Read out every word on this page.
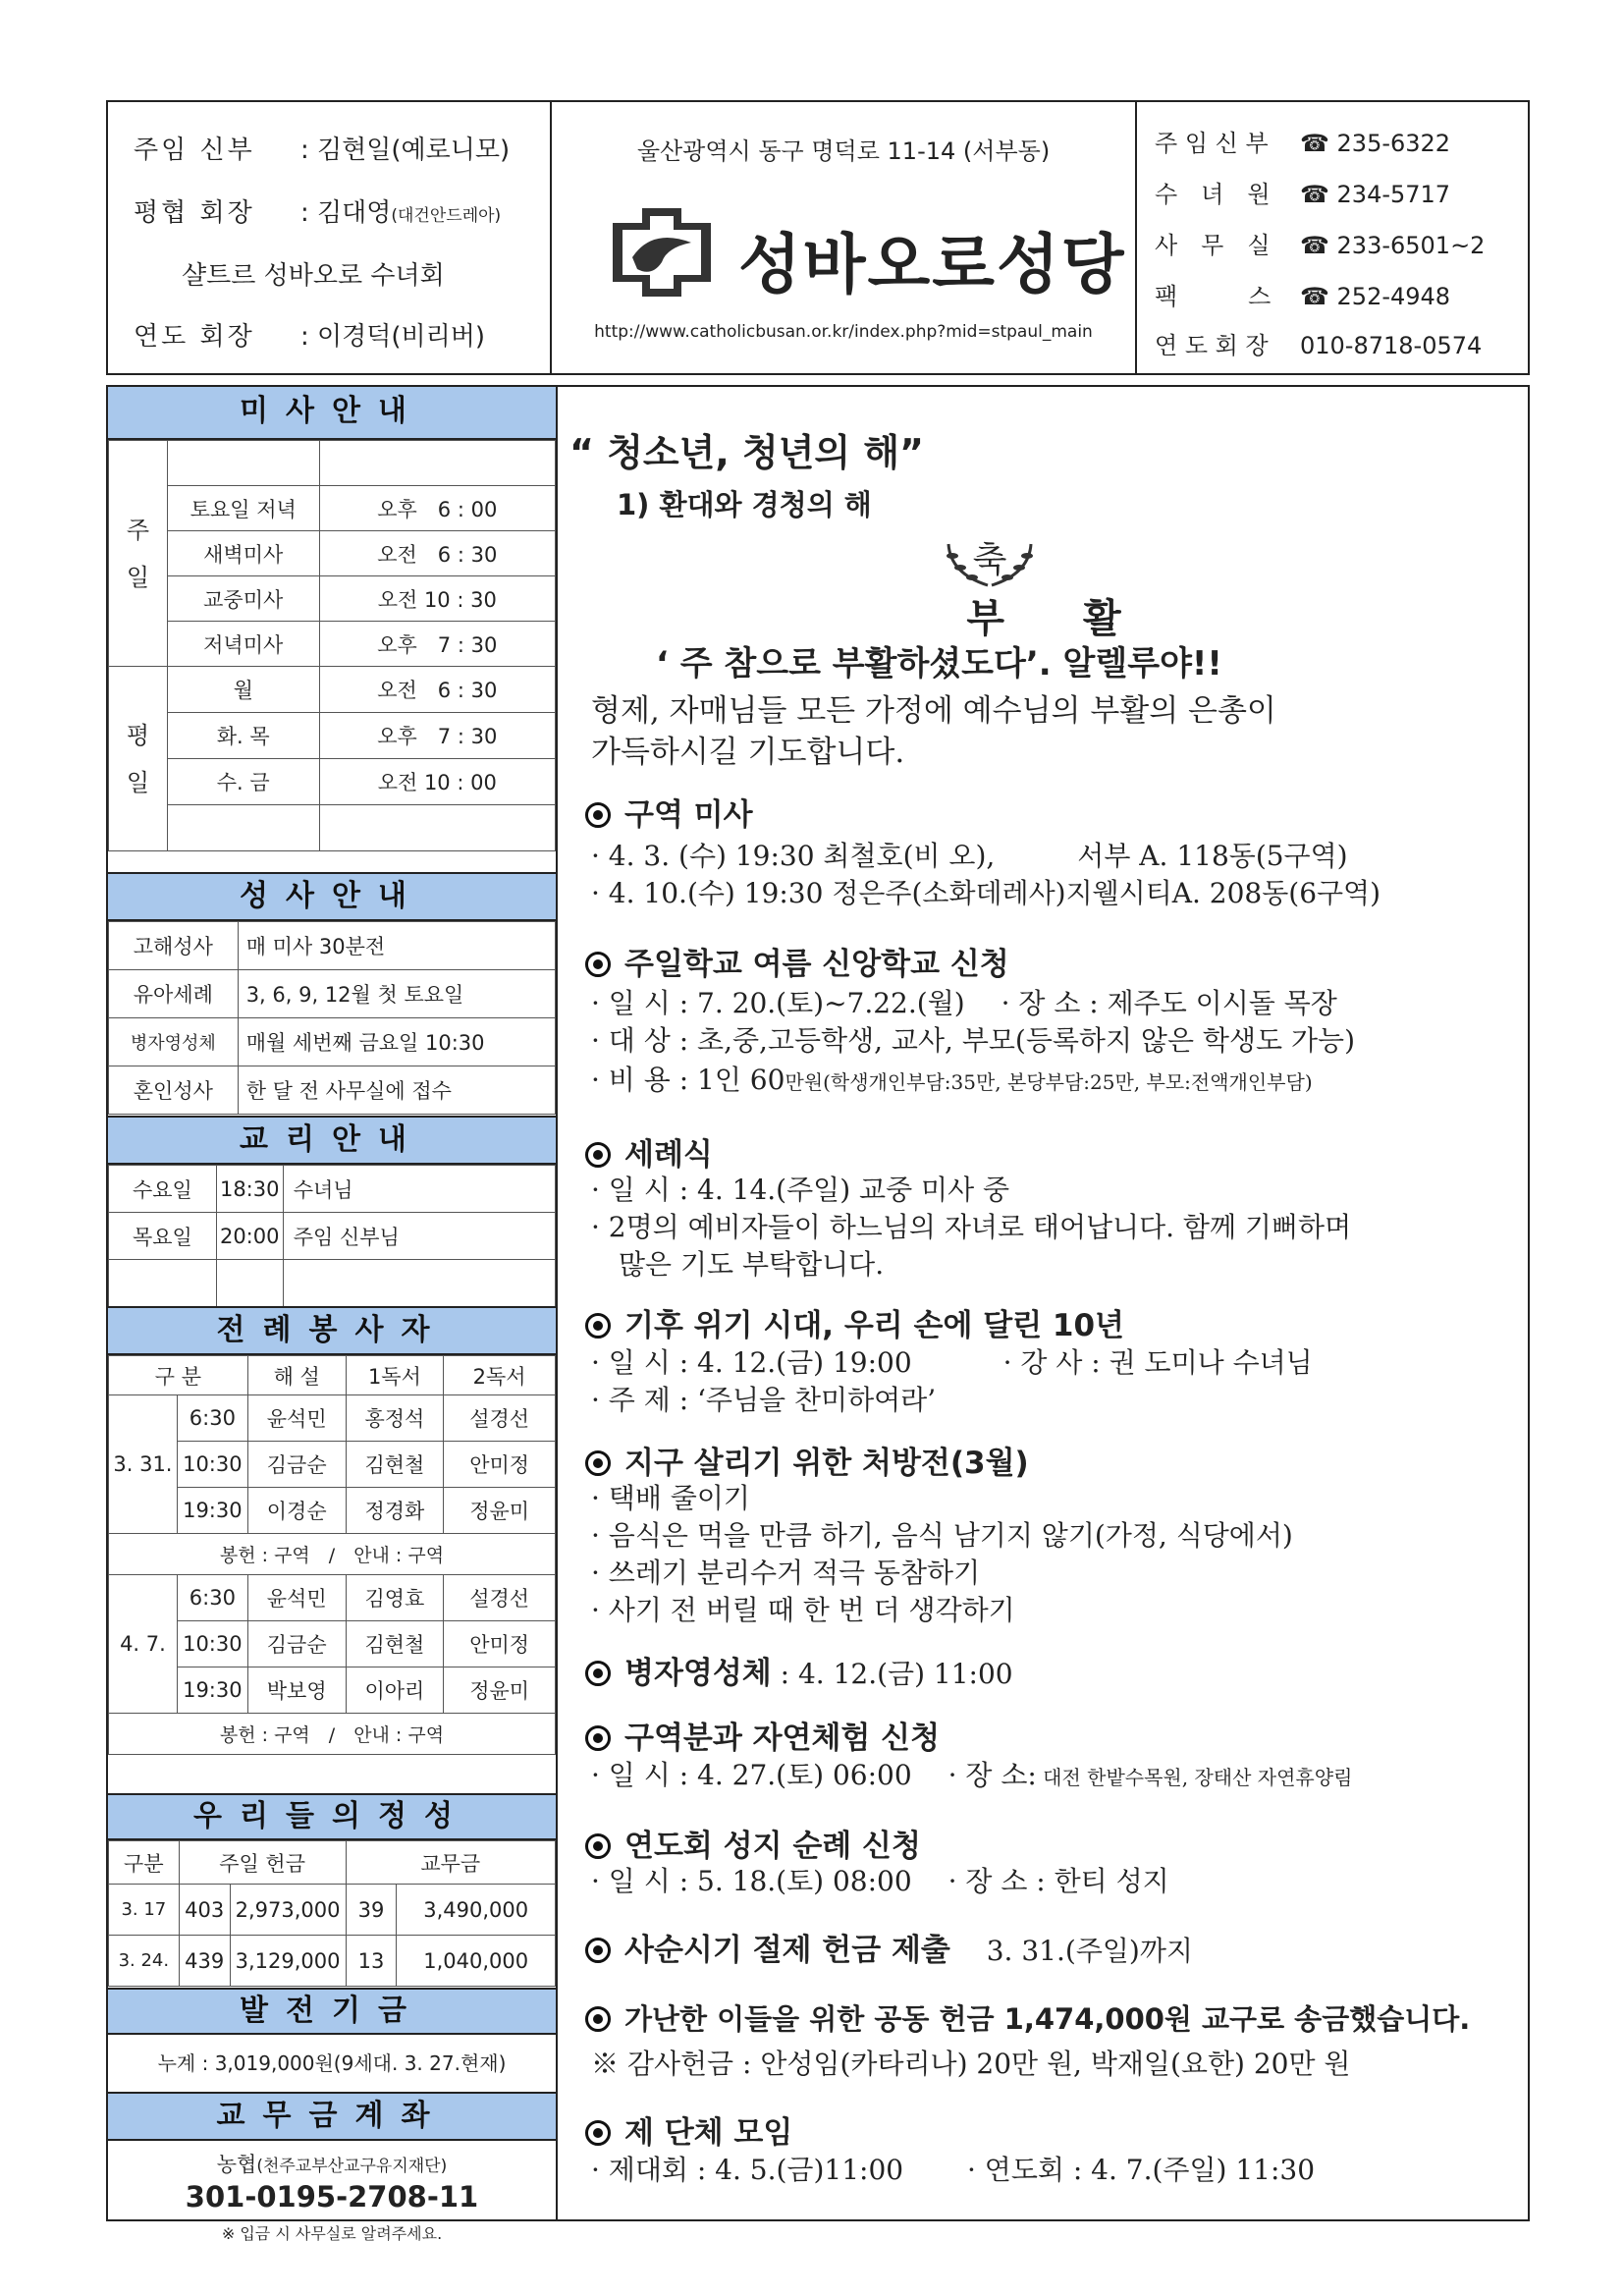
주임 신부 : 김현일(예로니모)
평협 회장 : 김대영(대건안드레아)
샬트르 성바오로 수녀회
연도 회장 : 이경덕(비리버)
울산광역시 동구 명덕로 11-14 (서부동)
성바오로성당
http://www.catholicbusan.or.kr/index.php?mid=stpaul_main
주 임 신 부 ☎ 235-6322
수　녀　원 ☎ 234-5717
사　무　실 ☎ 233-6501~2
팩　　　스 ☎ 252-4948
연 도 회 장 010-8718-0574
미사안내
주
일		
	토요일 저녁	오후　6 : 00
	새벽미사	오전　6 : 30
	교중미사	오전 10 : 30
	저녁미사	오후　7 : 30
평
일	월	오전　6 : 30
	화. 목	오후　7 : 30
	수. 금	오전 10 : 00

성사안내
고해성사	매 미사 30분전
유아세례	3, 6, 9, 12월 첫 토요일
병자영성체	매월 세번째 금요일 10:30
혼인성사	한 달 전 사무실에 접수
교리안내
수요일	18:30	수녀님
목요일	20:00	주임 신부님

전례봉사자
구 분		해 설	1독서	2독서
3. 31.	6:30	윤석민	홍정석	설경선
	10:30	김금순	김현철	안미정
	19:30	이경순	정경화	정윤미
봉헌 : 구역　/　안내 : 구역				
4. 7.	6:30	윤석민	김영효	설경선
	10:30	김금순	김현철	안미정
	19:30	박보영	이아리	정윤미
봉헌 : 구역　/　안내 : 구역				
우리들의정성
구분	주일 헌금		교무금	
3. 17	403	2,973,000	39	3,490,000
3. 24.	439	3,129,000	13	1,040,000
발전기금
누계 : 3,019,000원(9세대. 3. 27.현재)
교무금계좌
농협(천주교부산교구유지재단)
301-0195-2708-11
※ 입금 시 사무실로 알려주세요.
“ 청소년, 청년의 해”
1) 환대와 경청의 해
축
부　　활
‘ 주 참으로 부활하셨도다’. 알렐루야!!
형제, 자매님들 모든 가정에 예수님의 부활의 은총이
가득하시길 기도합니다.
구역 미사
· 4. 3. (수) 19:30 최철호(비 오),　　　서부 A. 118동(5구역)
· 4. 10.(수) 19:30 정은주(소화데레사)지웰시티A. 208동(6구역)
주일학교 여름 신앙학교 신청
· 일 시 : 7. 20.(토)~7.22.(월)　 · 장 소 : 제주도 이시돌 목장
· 대 상 : 초,중,고등학생, 교사, 부모(등록하지 않은 학생도 가능)
· 비 용 : 1인 60만원(학생개인부담:35만, 본당부담:25만, 부모:전액개인부담)
세례식
· 일 시 : 4. 14.(주일) 교중 미사 중
· 2명의 예비자들이 하느님의 자녀로 태어납니다. 함께 기뻐하며
　많은 기도 부탁합니다.
기후 위기 시대, 우리 손에 달린 10년
· 일 시 : 4. 12.(금) 19:00　　　 · 강 사 : 권 도미나 수녀님
· 주 제 : ‘주님을 찬미하여라’
지구 살리기 위한 처방전(3월)
· 택배 줄이기
· 음식은 먹을 만큼 하기, 음식 남기지 않기(가정, 식당에서)
· 쓰레기 분리수거 적극 동참하기
· 사기 전 버릴 때 한 번 더 생각하기
병자영성체 : 4. 12.(금) 11:00
구역분과 자연체험 신청
· 일 시 : 4. 27.(토) 06:00　 · 장 소: 대전 한밭수목원, 장태산 자연휴양림
연도회 성지 순례 신청
· 일 시 : 5. 18.(토) 08:00　 · 장 소 : 한티 성지
사순시기 절제 헌금 제출　 3. 31.(주일)까지
가난한 이들을 위한 공동 헌금 1,474,000원 교구로 송금했습니다.
※ 감사헌금 : 안성임(카타리나) 20만 원, 박재일(요한) 20만 원
제 단체 모임
· 제대회 : 4. 5.(금)11:00　　 · 연도회 : 4. 7.(주일) 11:30
